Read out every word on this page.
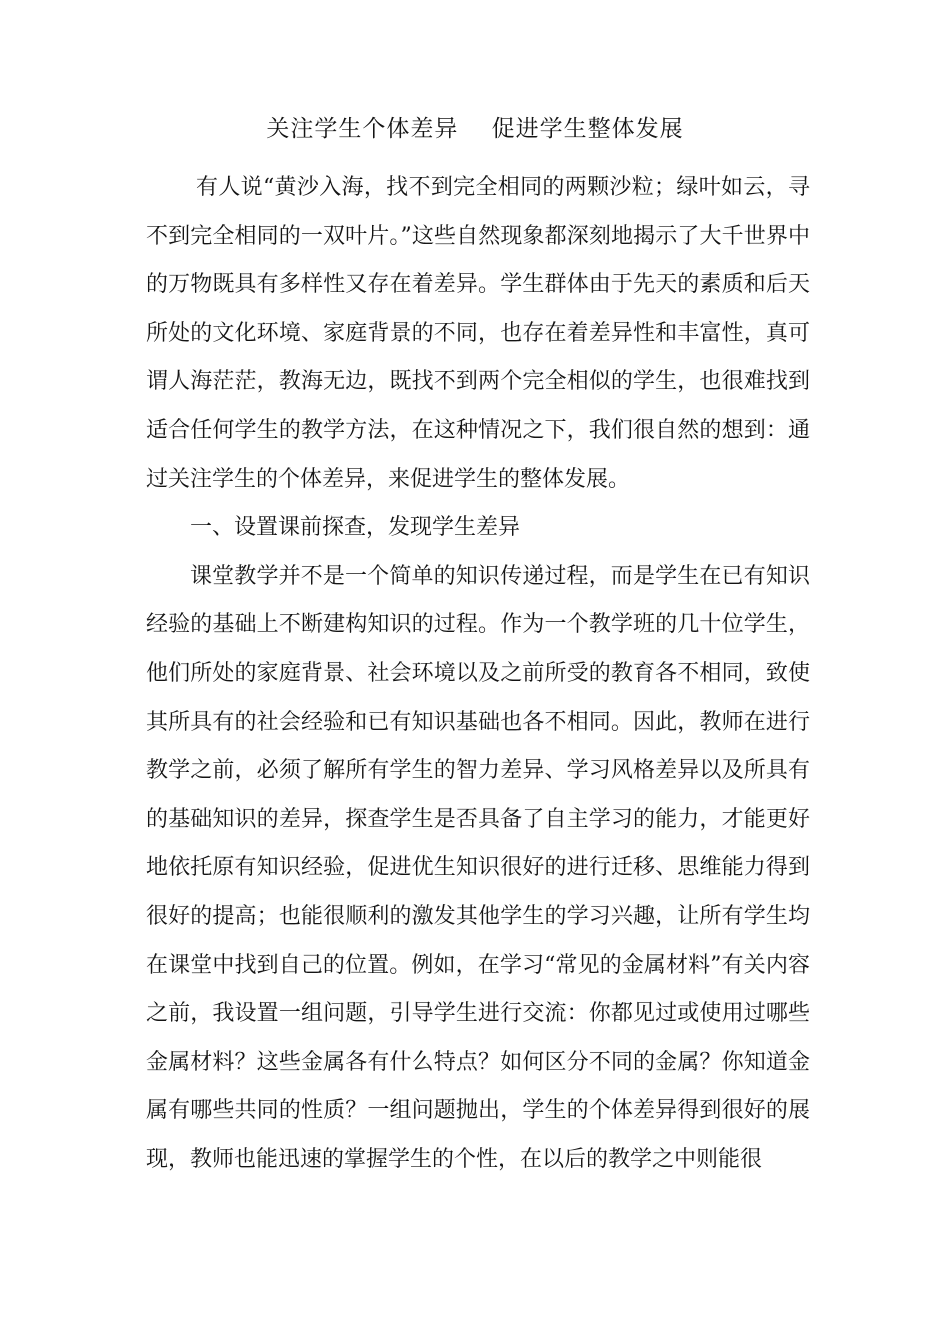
关注学生个体差异    促进学生整体发展

有人说“黄沙入海，找不到完全相同的两颗沙粒；绿叶如云，寻不到完全相同的一双叶片。”这些自然现象都深刻地揭示了大千世界中的万物既具有多样性又存在着差异。学生群体由于先天的素质和后天所处的文化环境、家庭背景的不同，也存在着差异性和丰富性，真可谓人海茫茫，教海无边，既找不到两个完全相似的学生，也很难找到适合任何学生的教学方法，在这种情况之下，我们很自然的想到：通过关注学生的个体差异，来促进学生的整体发展。

一、设置课前探查，发现学生差异

课堂教学并不是一个简单的知识传递过程，而是学生在已有知识经验的基础上不断建构知识的过程。作为一个教学班的几十位学生，他们所处的家庭背景、社会环境以及之前所受的教育各不相同，致使其所具有的社会经验和已有知识基础也各不相同。因此，教师在进行教学之前，必须了解所有学生的智力差异、学习风格差异以及所具有的基础知识的差异，探查学生是否具备了自主学习的能力，才能更好地依托原有知识经验，促进优生知识很好的进行迁移、思维能力得到很好的提高；也能很顺利的激发其他学生的学习兴趣，让所有学生均在课堂中找到自己的位置。例如，在学习“常见的金属材料”有关内容之前，我设置一组问题，引导学生进行交流：你都见过或使用过哪些金属材料？这些金属各有什么特点？如何区分不同的金属？你知道金属有哪些共同的性质？一组问题抛出，学生的个体差异得到很好的展现，教师也能迅速的掌握学生的个性，在以后的教学之中则能很
